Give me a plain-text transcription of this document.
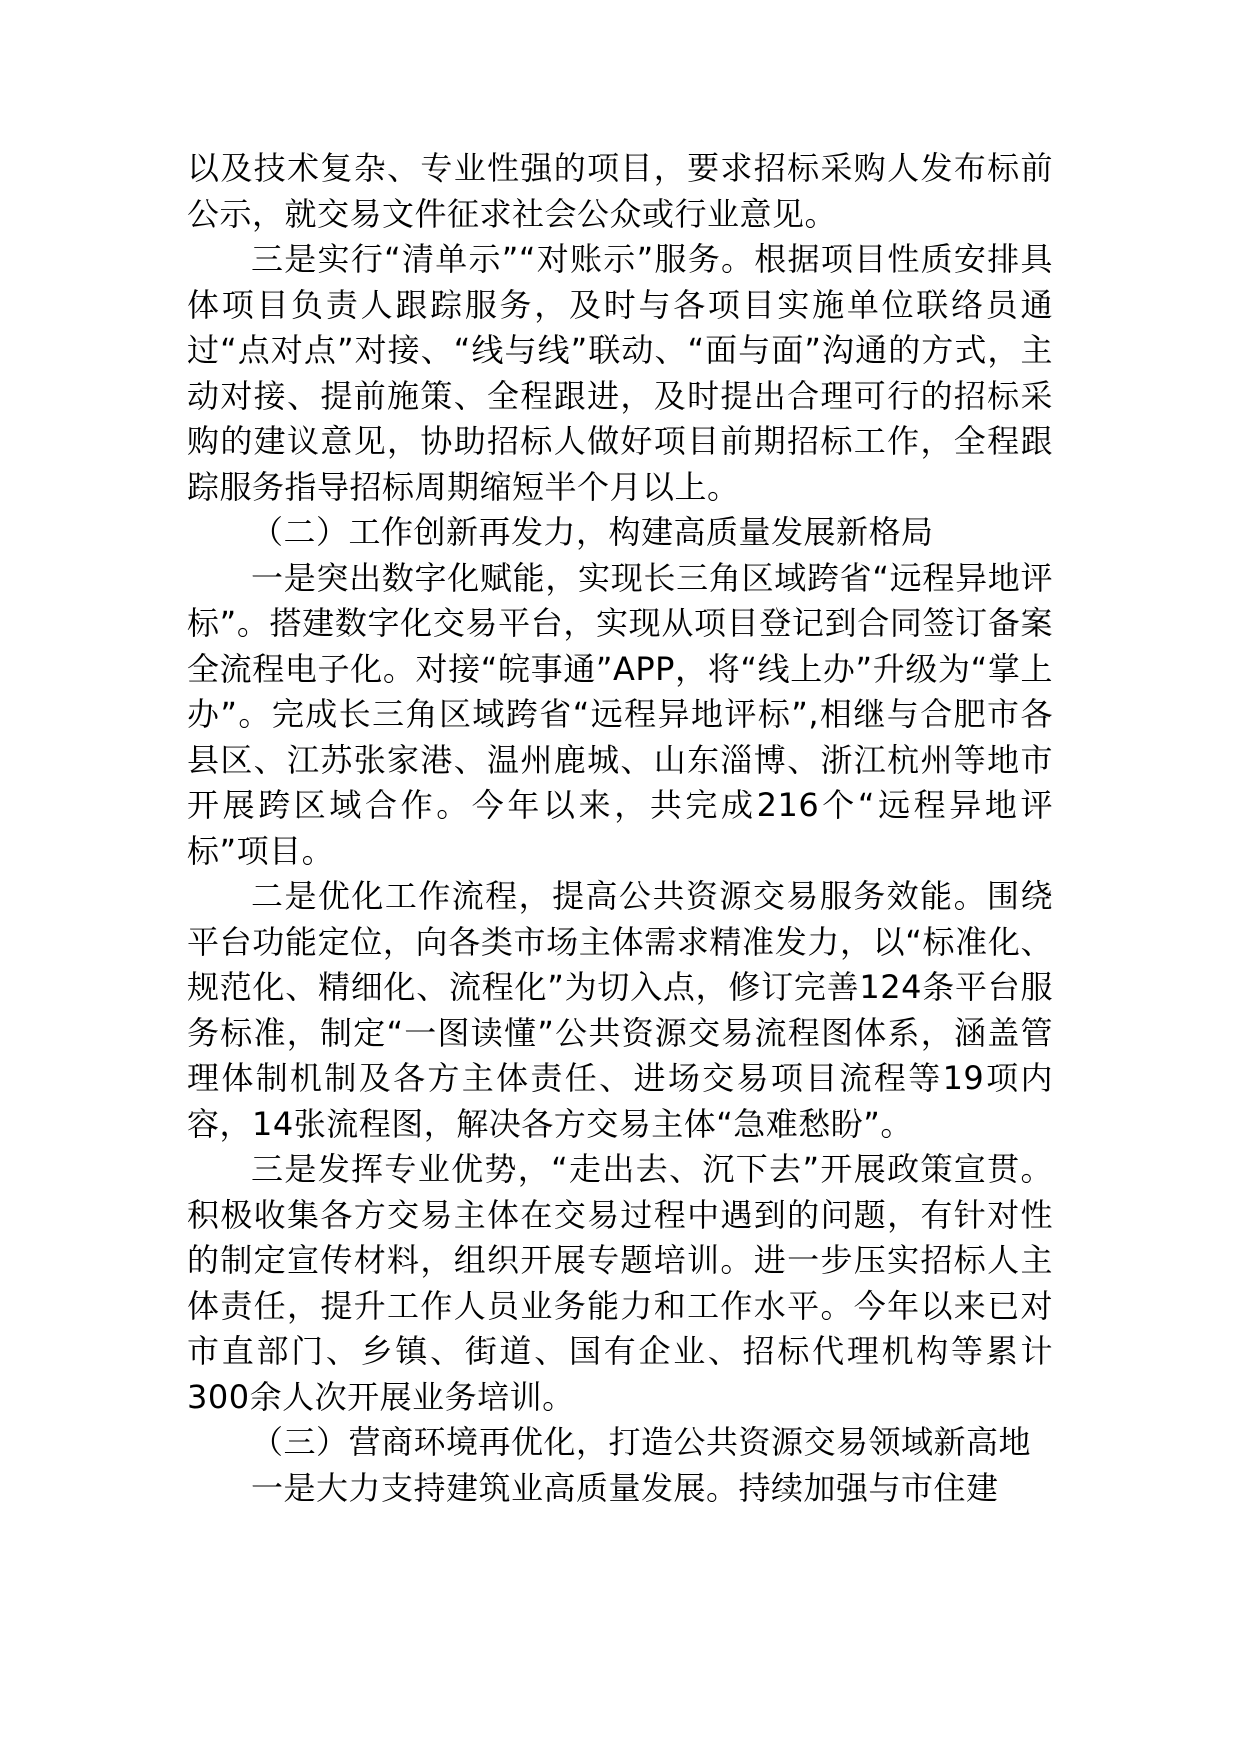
以及技术复杂、专业性强的项目，要求招标采购人发布标前公示，就交易文件征求社会公众或行业意见。

三是实行“清单示”“对账示”服务。根据项目性质安排具体项目负责人跟踪服务，及时与各项目实施单位联络员通过“点对点”对接、“线与线”联动、“面与面”沟通的方式，主动对接、提前施策、全程跟进，及时提出合理可行的招标采购的建议意见，协助招标人做好项目前期招标工作，全程跟踪服务指导招标周期缩短半个月以上。

（二）工作创新再发力，构建高质量发展新格局

一是突出数字化赋能，实现长三角区域跨省“远程异地评标”。搭建数字化交易平台，实现从项目登记到合同签订备案全流程电子化。对接“皖事通”APP，将“线上办”升级为“掌上办”。完成长三角区域跨省“远程异地评标”,相继与合肥市各县区、江苏张家港、温州鹿城、山东淄博、浙江杭州等地市开展跨区域合作。今年以来，共完成216个“远程异地评标”项目。

二是优化工作流程，提高公共资源交易服务效能。围绕平台功能定位，向各类市场主体需求精准发力，以“标准化、规范化、精细化、流程化”为切入点，修订完善124条平台服务标准，制定“一图读懂”公共资源交易流程图体系，涵盖管理体制机制及各方主体责任、进场交易项目流程等19项内容，14张流程图，解决各方交易主体“急难愁盼”。

三是发挥专业优势，“走出去、沉下去”开展政策宣贯。积极收集各方交易主体在交易过程中遇到的问题，有针对性的制定宣传材料，组织开展专题培训。进一步压实招标人主体责任，提升工作人员业务能力和工作水平。今年以来已对市直部门、乡镇、街道、国有企业、招标代理机构等累计300余人次开展业务培训。

（三）营商环境再优化，打造公共资源交易领域新高地

一是大力支持建筑业高质量发展。持续加强与市住建
